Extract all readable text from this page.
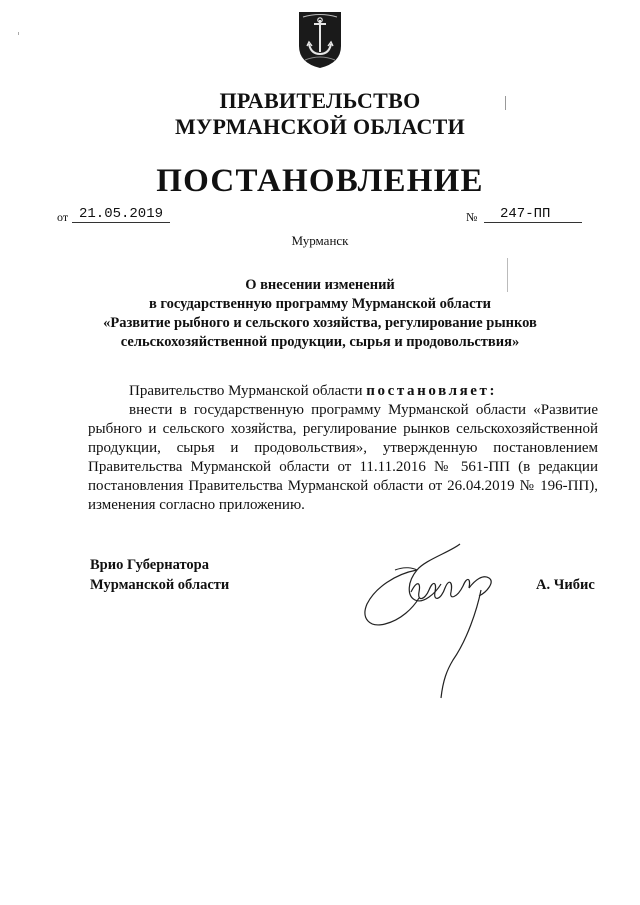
ПРАВИТЕЛЬСТВО
МУРМАНСКОЙ ОБЛАСТИ
ПОСТАНОВЛЕНИЕ
от 21.05.2019	№	247-ПП
Мурманск
О внесении изменений
в государственную программу Мурманской области
«Развитие рыбного и сельского хозяйства, регулирование рынков
сельскохозяйственной продукции, сырья и продовольствия»
Правительство Мурманской области постановляет:
внести в государственную программу Мурманской области «Развитие рыбного и сельского хозяйства, регулирование рынков сельскохозяйственной продукции, сырья и продовольствия», утвержденную постановлением Правительства Мурманской области от 11.11.2016 № 561-ПП (в редакции постановления Правительства Мурманской области от 26.04.2019 № 196-ПП), изменения согласно приложению.
Врио Губернатора
Мурманской области	А. Чибис
